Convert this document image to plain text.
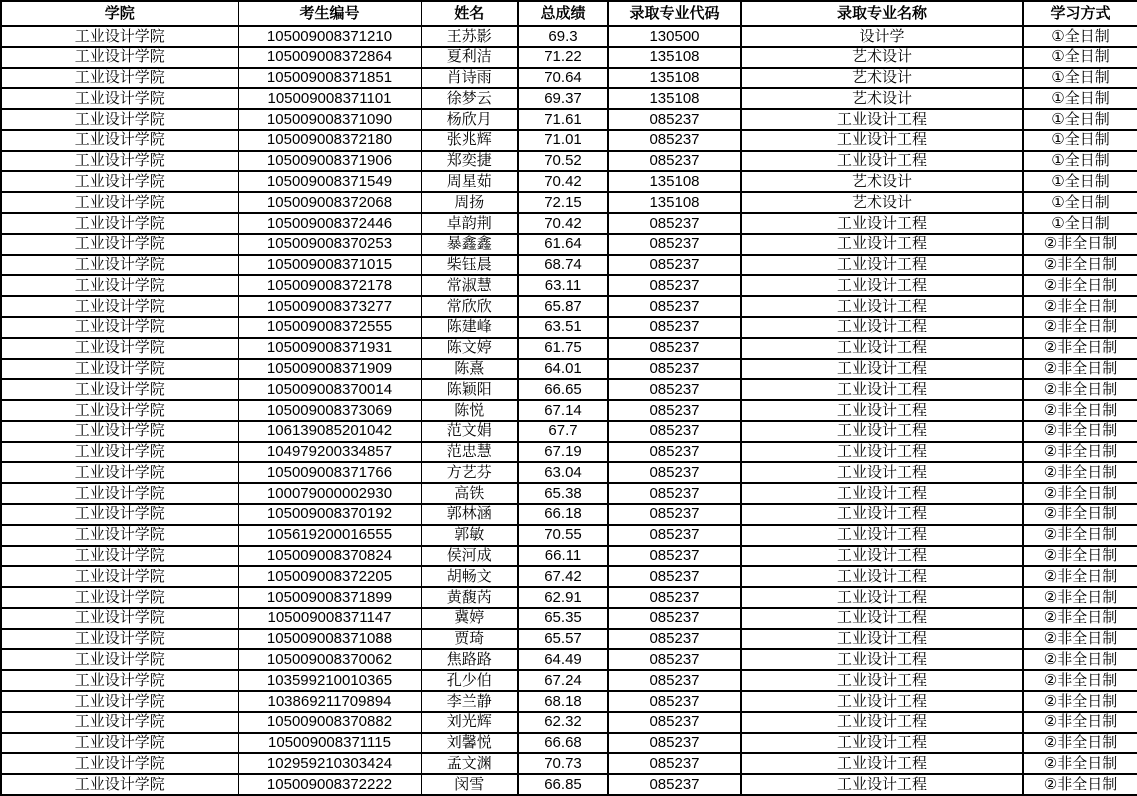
学院	考生编号	姓名	总成绩	录取专业代码	录取专业名称	学习方式
工业设计学院	105009008371210	王苏影	69.3	130500	设计学	①全日制
工业设计学院	105009008372864	夏利洁	71.22	135108	艺术设计	①全日制
工业设计学院	105009008371851	肖诗雨	70.64	135108	艺术设计	①全日制
工业设计学院	105009008371101	徐梦云	69.37	135108	艺术设计	①全日制
工业设计学院	105009008371090	杨欣月	71.61	085237	工业设计工程	①全日制
工业设计学院	105009008372180	张兆辉	71.01	085237	工业设计工程	①全日制
工业设计学院	105009008371906	郑奕捷	70.52	085237	工业设计工程	①全日制
工业设计学院	105009008371549	周星茹	70.42	135108	艺术设计	①全日制
工业设计学院	105009008372068	周扬	72.15	135108	艺术设计	①全日制
工业设计学院	105009008372446	卓韵荆	70.42	085237	工业设计工程	①全日制
工业设计学院	105009008370253	暴鑫鑫	61.64	085237	工业设计工程	②非全日制
工业设计学院	105009008371015	柴钰晨	68.74	085237	工业设计工程	②非全日制
工业设计学院	105009008372178	常淑慧	63.11	085237	工业设计工程	②非全日制
工业设计学院	105009008373277	常欣欣	65.87	085237	工业设计工程	②非全日制
工业设计学院	105009008372555	陈建峰	63.51	085237	工业设计工程	②非全日制
工业设计学院	105009008371931	陈文婷	61.75	085237	工业设计工程	②非全日制
工业设计学院	105009008371909	陈熹	64.01	085237	工业设计工程	②非全日制
工业设计学院	105009008370014	陈颖阳	66.65	085237	工业设计工程	②非全日制
工业设计学院	105009008373069	陈悦	67.14	085237	工业设计工程	②非全日制
工业设计学院	106139085201042	范文娟	67.7	085237	工业设计工程	②非全日制
工业设计学院	104979200334857	范忠慧	67.19	085237	工业设计工程	②非全日制
工业设计学院	105009008371766	方艺芬	63.04	085237	工业设计工程	②非全日制
工业设计学院	100079000002930	高铁	65.38	085237	工业设计工程	②非全日制
工业设计学院	105009008370192	郭林涵	66.18	085237	工业设计工程	②非全日制
工业设计学院	105619200016555	郭敏	70.55	085237	工业设计工程	②非全日制
工业设计学院	105009008370824	侯河成	66.11	085237	工业设计工程	②非全日制
工业设计学院	105009008372205	胡畅文	67.42	085237	工业设计工程	②非全日制
工业设计学院	105009008371899	黄馥芮	62.91	085237	工业设计工程	②非全日制
工业设计学院	105009008371147	冀婷	65.35	085237	工业设计工程	②非全日制
工业设计学院	105009008371088	贾琦	65.57	085237	工业设计工程	②非全日制
工业设计学院	105009008370062	焦路路	64.49	085237	工业设计工程	②非全日制
工业设计学院	103599210010365	孔少伯	67.24	085237	工业设计工程	②非全日制
工业设计学院	103869211709894	李兰静	68.18	085237	工业设计工程	②非全日制
工业设计学院	105009008370882	刘光辉	62.32	085237	工业设计工程	②非全日制
工业设计学院	105009008371115	刘馨悦	66.68	085237	工业设计工程	②非全日制
工业设计学院	102959210303424	孟文渊	70.73	085237	工业设计工程	②非全日制
工业设计学院	105009008372222	闵雪	66.85	085237	工业设计工程	②非全日制
